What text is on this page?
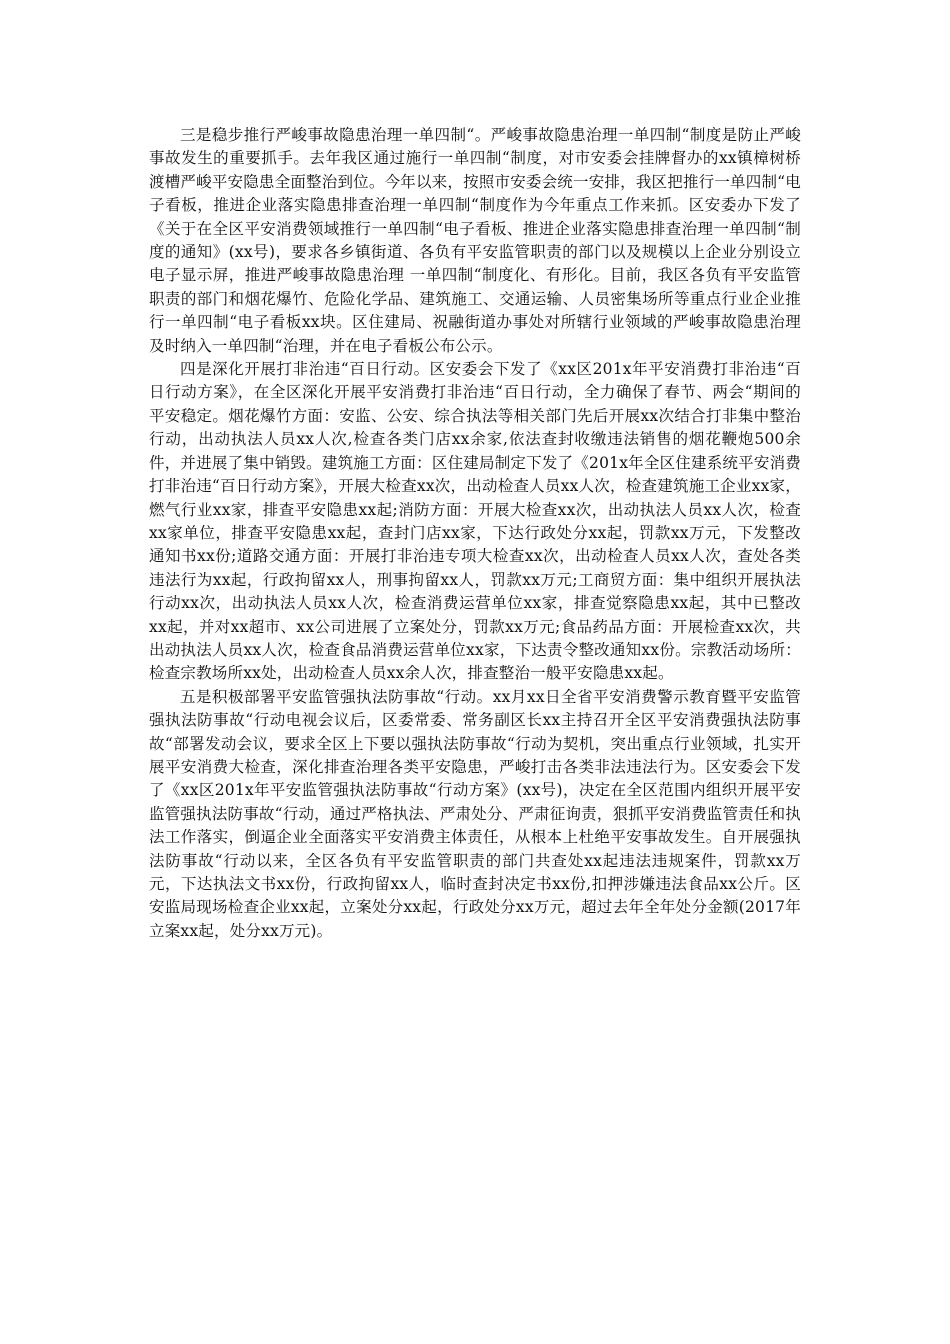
三是稳步推行严峻事故隐患治理一单四制“。严峻事故隐患治理一单四制“制度是防止严峻事故发生的重要抓手。去年我区通过施行一单四制“制度，对市安委会挂牌督办的xx镇樟树桥渡槽严峻平安隐患全面整治到位。今年以来，按照市安委会统一安排，我区把推行一单四制“电子看板，推进企业落实隐患排查治理一单四制“制度作为今年重点工作来抓。区安委办下发了《关于在全区平安消费领域推行一单四制“电子看板、推进企业落实隐患排查治理一单四制“制度的通知》(xx号)，要求各乡镇街道、各负有平安监管职责的部门以及规模以上企业分别设立电子显示屏，推进严峻事故隐患治理 一单四制“制度化、有形化。目前，我区各负有平安监管职责的部门和烟花爆竹、危险化学品、建筑施工、交通运输、人员密集场所等重点行业企业推行一单四制“电子看板xx块。区住建局、祝融街道办事处对所辖行业领域的严峻事故隐患治理及时纳入一单四制“治理，并在电子看板公布公示。

四是深化开展打非治违“百日行动。区安委会下发了《xx区201x年平安消费打非治违“百日行动方案》，在全区深化开展平安消费打非治违“百日行动，全力确保了春节、两会“期间的平安稳定。烟花爆竹方面：安监、公安、综合执法等相关部门先后开展xx次结合打非集中整治行动，出动执法人员xx人次,检查各类门店xx余家,依法查封收缴违法销售的烟花鞭炮500余件，并进展了集中销毁。建筑施工方面：区住建局制定下发了《201x年全区住建系统平安消费打非治违“百日行动方案》，开展大检查xx次，出动检查人员xx人次，检查建筑施工企业xx家，燃气行业xx家，排查平安隐患xx起;消防方面：开展大检查xx次，出动执法人员xx人次，检查xx家单位，排查平安隐患xx起，查封门店xx家，下达行政处分xx起，罚款xx万元，下发整改通知书xx份;道路交通方面：开展打非治违专项大检查xx次，出动检查人员xx人次，查处各类违法行为xx起，行政拘留xx人，刑事拘留xx人，罚款xx万元;工商贸方面：集中组织开展执法行动xx次，出动执法人员xx人次，检查消费运营单位xx家，排查觉察隐患xx起，其中已整改xx起，并对xx超市、xx公司进展了立案处分，罚款xx万元;食品药品方面：开展检查xx次，共出动执法人员xx人次，检查食品消费运营单位xx家，下达责令整改通知xx份。宗教活动场所：检查宗教场所xx处，出动检查人员xx余人次，排查整治一般平安隐患xx起。

五是积极部署平安监管强执法防事故“行动。xx月xx日全省平安消费警示教育暨平安监管强执法防事故“行动电视会议后，区委常委、常务副区长xx主持召开全区平安消费强执法防事故“部署发动会议，要求全区上下要以强执法防事故“行动为契机，突出重点行业领域，扎实开展平安消费大检查，深化排查治理各类平安隐患，严峻打击各类非法违法行为。区安委会下发了《xx区201x年平安监管强执法防事故“行动方案》(xx号)，决定在全区范围内组织开展平安监管强执法防事故“行动，通过严格执法、严肃处分、严肃征询责，狠抓平安消费监管责任和执法工作落实，倒逼企业全面落实平安消费主体责任，从根本上杜绝平安事故发生。自开展强执法防事故“行动以来，全区各负有平安监管职责的部门共查处xx起违法违规案件，罚款xx万元，下达执法文书xx份，行政拘留xx人，临时查封决定书xx份,扣押涉嫌违法食品xx公斤。区安监局现场检查企业xx起，立案处分xx起，行政处分xx万元，超过去年全年处分金额(2017年立案xx起，处分xx万元)。
